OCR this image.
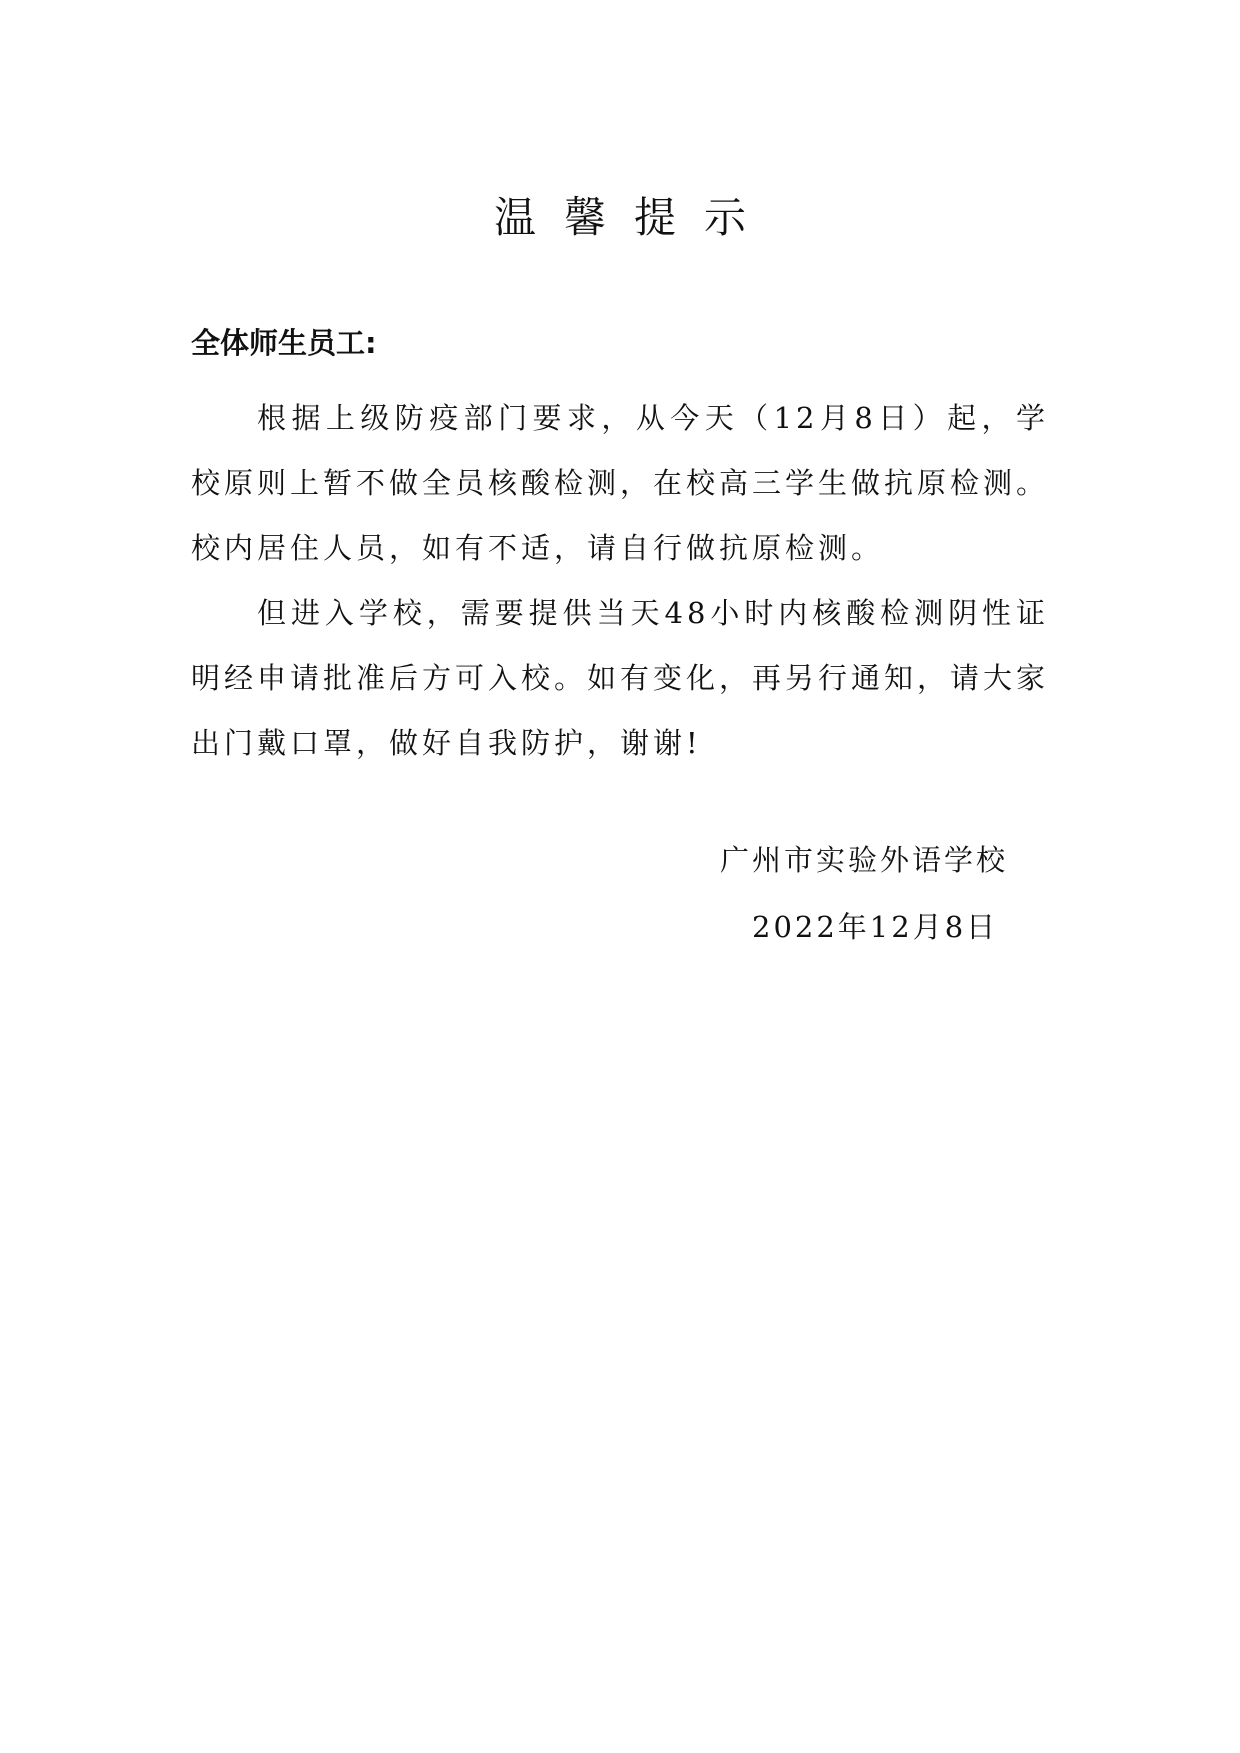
温馨提示
全体师生员工:

根据上级防疫部门要求，从今天（12月8日）起，学校原则上暂不做全员核酸检测，在校高三学生做抗原检测。校内居住人员，如有不适，请自行做抗原检测。

但进入学校，需要提供当天48小时内核酸检测阴性证明经申请批准后方可入校。如有变化，再另行通知，请大家出门戴口罩，做好自我防护，谢谢!

广州市实验外语学校
2022年12月8日
